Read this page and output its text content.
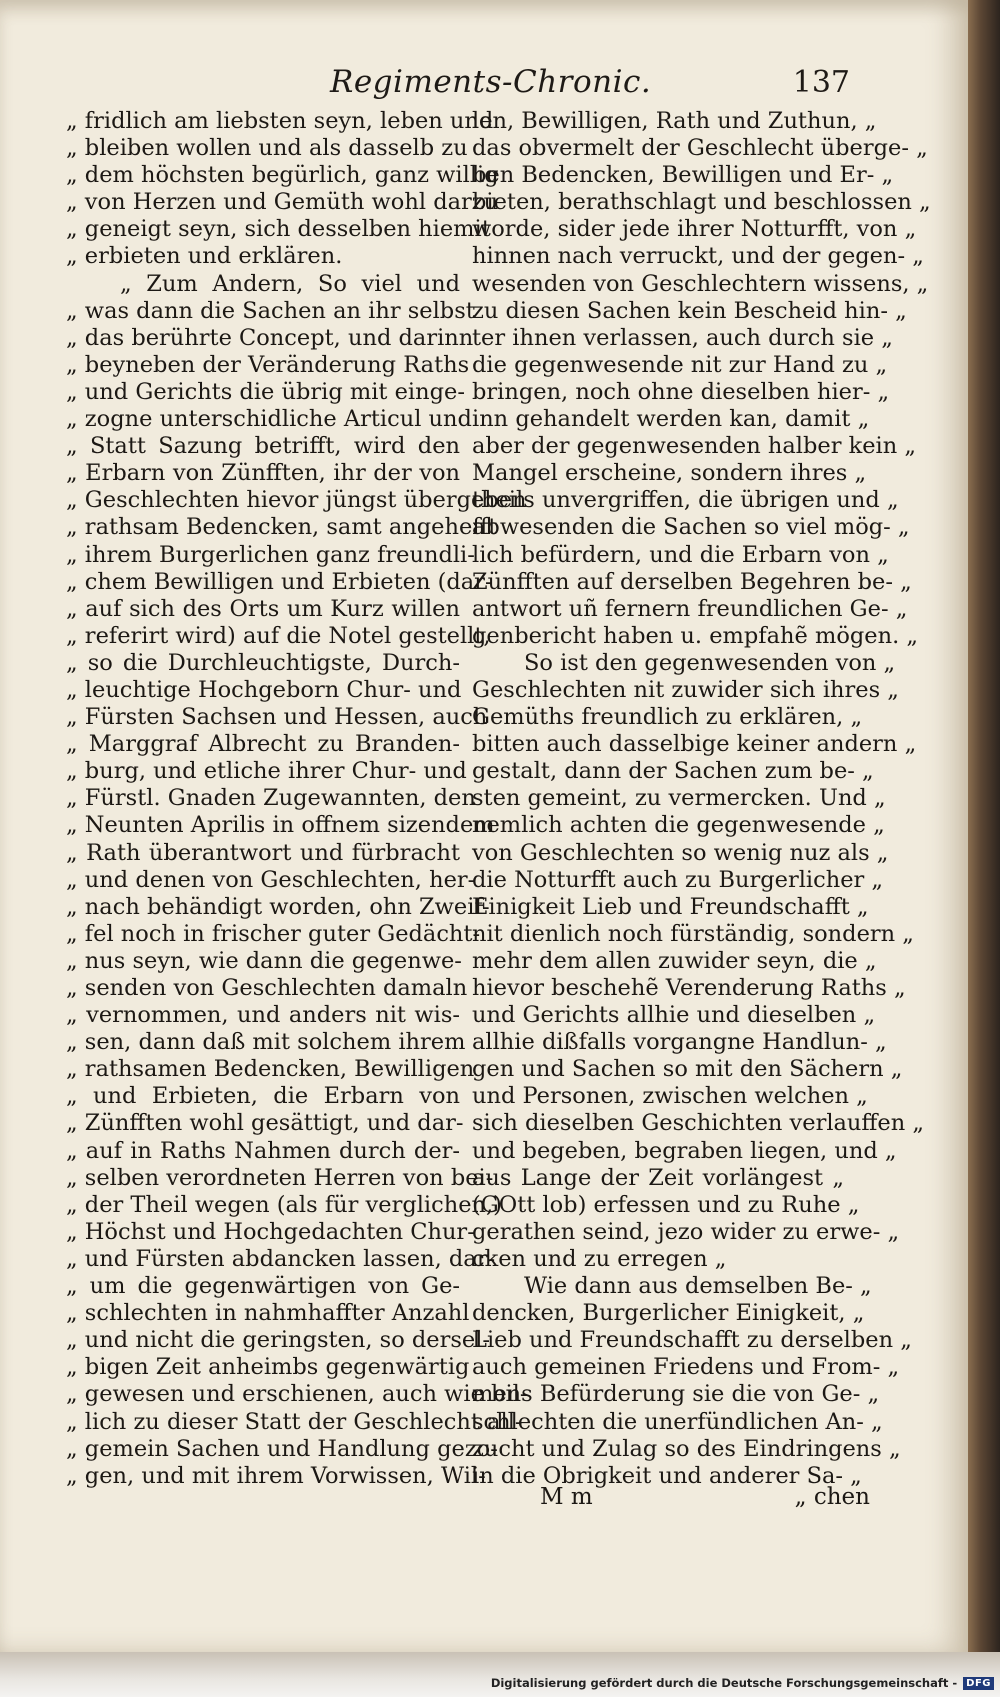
Regiments-Chronic.	137
„ fridlich am liebsten seyn, leben und
„ bleiben wollen und als dasselb zu
„ dem höchsten begürlich, ganz willig
„ von Herzen und Gemüth wohl darzu
„ geneigt seyn, sich desselben hiemit
„ erbieten und erklären.
„ Zum Andern, So viel und
„ was dann die Sachen an ihr selbst
„ das berührte Concept, und darinn
„ beyneben der Veränderung Raths
„ und Gerichts die übrig mit einge-
„ zogne unterschidliche Articul und
„ Statt Sazung betrifft, wird den
„ Erbarn von Zünfften, ihr der von
„ Geschlechten hievor jüngst übergeben
„ rathsam Bedencken, samt angehefft
„ ihrem Burgerlichen ganz freundli-
„ chem Bewilligen und Erbieten (dar-
„ auf sich des Orts um Kurz willen
„ referirt wird) auf die Notel gestellt,
„ so die Durchleuchtigste, Durch-
„ leuchtige Hochgeborn Chur- und
„ Fürsten Sachsen und Hessen, auch
„ Marggraf Albrecht zu Branden-
„ burg, und etliche ihrer Chur- und
„ Fürstl. Gnaden Zugewannten, den
„ Neunten Aprilis in offnem sizendem
„ Rath überantwort und fürbracht
„ und denen von Geschlechten, her-
„ nach behändigt worden, ohn Zweif-
„ fel noch in frischer guter Gedächt-
„ nus seyn, wie dann die gegenwe-
„ senden von Geschlechten damaln
„ vernommen, und anders nit wis-
„ sen, dann daß mit solchem ihrem
„ rathsamen Bedencken, Bewilligen
„ und Erbieten, die Erbarn von
„ Zünfften wohl gesättigt, und dar-
„ auf in Raths Nahmen durch der-
„ selben verordneten Herren von bei-
„ der Theil wegen (als für verglichen,)
„ Höchst und Hochgedachten Chur-
„ und Fürsten abdancken lassen, dar-
„ um die gegenwärtigen von Ge-
„ schlechten in nahmhaffter Anzahl
„ und nicht die geringsten, so dersel-
„ bigen Zeit anheimbs gegenwärtig
„ gewesen und erschienen, auch wie bil-
„ lich zu dieser Statt der Geschlecht all-
„ gemein Sachen und Handlung gezo-
„ gen, und mit ihrem Vorwissen, Wil-
len, Bewilligen, Rath und Zuthun, „
das obvermelt der Geschlecht überge- „
ben Bedencken, Bewilligen und Er- „
bieten, berathschlagt und beschlossen „
worde, sider jede ihrer Notturfft, von „
hinnen nach verruckt, und der gegen- „
wesenden von Geschlechtern wissens, „
zu diesen Sachen kein Bescheid hin- „
ter ihnen verlassen, auch durch sie „
die gegenwesende nit zur Hand zu „
bringen, noch ohne dieselben hier- „
inn gehandelt werden kan, damit „
aber der gegenwesenden halber kein „
Mangel erscheine, sondern ihres „
theils unvergriffen, die übrigen und „
abwesenden die Sachen so viel mög- „
lich befürdern, und die Erbarn von „
Zünfften auf derselben Begehren be- „
antwort uñ fernern freundlichen Ge- „
genbericht haben u. empfahẽ mögen. „
So ist den gegenwesenden von „
Geschlechten nit zuwider sich ihres „
Gemüths freundlich zu erklären, „
bitten auch dasselbige keiner andern „
gestalt, dann der Sachen zum be- „
sten gemeint, zu vermercken. Und „
nemlich achten die gegenwesende „
von Geschlechten so wenig nuz als „
die Notturfft auch zu Burgerlicher „
Einigkeit Lieb und Freundschafft „
nit dienlich noch fürständig, sondern „
mehr dem allen zuwider seyn, die „
hievor beschehẽ Verenderung Raths „
und Gerichts allhie und dieselben „
allhie dißfalls vorgangne Handlun- „
gen und Sachen so mit den Sächern „
und Personen, zwischen welchen „
sich dieselben Geschichten verlauffen „
und begeben, begraben liegen, und „
aus Lange der Zeit vorlängest „
(GOtt lob) erfessen und zu Ruhe „
gerathen seind, jezo wider zu erwe- „
cken und zu erregen „
Wie dann aus demselben Be- „
dencken, Burgerlicher Einigkeit, „
Lieb und Freundschafft zu derselben „
auch gemeinen Friedens und From- „
mens Befürderung sie die von Ge- „
schlechten die unerfündlichen An- „
zucht und Zulag so des Eindringens „
in die Obrigkeit und anderer Sa- „
M m	„ chen
Digitalisierung gefördert durch die Deutsche Forschungsgemeinschaft - DFG
